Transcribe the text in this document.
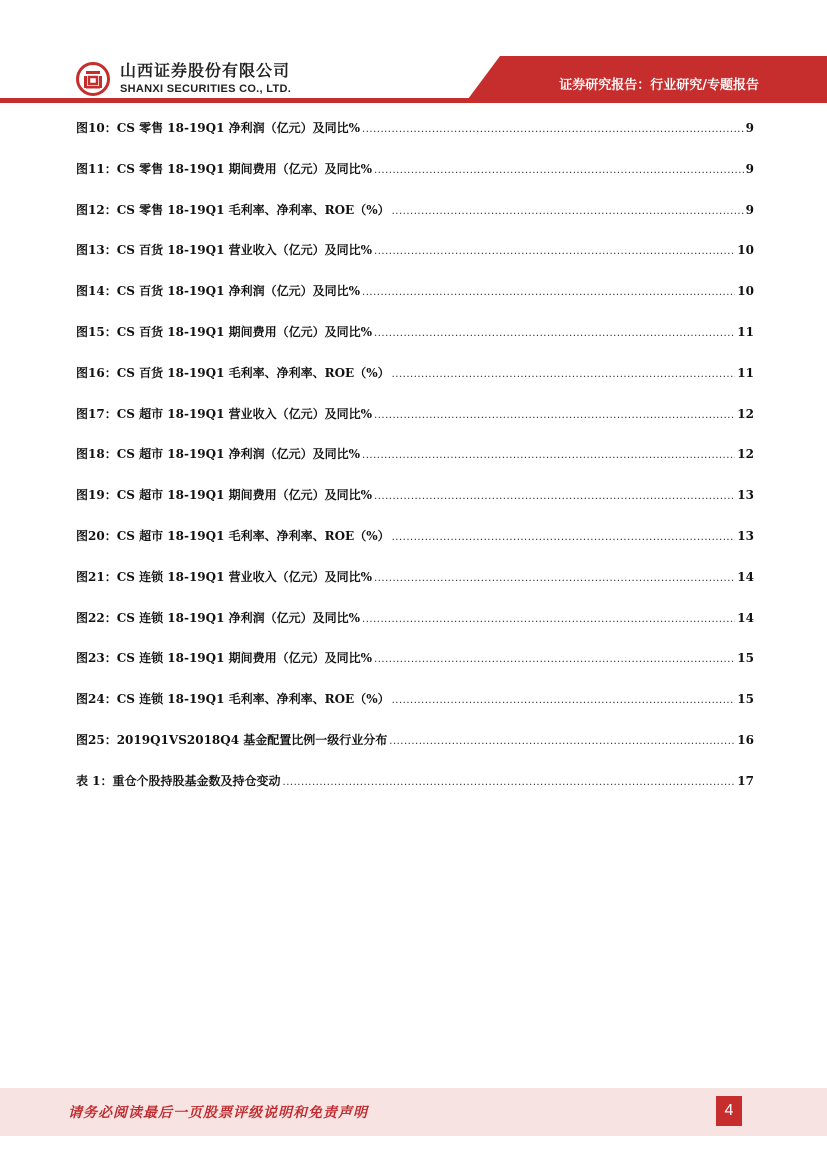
山西证券股份有限公司
SHANXI SECURITIES CO., LTD.	证券研究报告：行业研究/专题报告
图10： CS 零售 18-19Q1 净利润（亿元）及同比% .....	9
图11： CS 零售 18-19Q1 期间费用（亿元）及同比% .....	9
图12： CS 零售 18-19Q1 毛利率、净利率、ROE（%） .....	9
图13： CS 百货 18-19Q1 营业收入（亿元）及同比% .....	10
图14： CS 百货 18-19Q1 净利润（亿元）及同比% .....	10
图15： CS 百货 18-19Q1 期间费用（亿元）及同比% .....	11
图16： CS 百货 18-19Q1 毛利率、净利率、ROE（%） .....	11
图17： CS 超市 18-19Q1 营业收入（亿元）及同比% .....	12
图18： CS 超市 18-19Q1 净利润（亿元）及同比% .....	12
图19： CS 超市 18-19Q1 期间费用（亿元）及同比% .....	13
图20： CS 超市 18-19Q1 毛利率、净利率、ROE（%） .....	13
图21： CS 连锁 18-19Q1 营业收入（亿元）及同比% .....	14
图22： CS 连锁 18-19Q1 净利润（亿元）及同比% .....	14
图23： CS 连锁 18-19Q1 期间费用（亿元）及同比% .....	15
图24： CS 连锁 18-19Q1 毛利率、净利率、ROE（%） .....	15
图25： 2019Q1VS2018Q4 基金配置比例一级行业分布 .....	16
表 1： 重仓个股持股基金数及持仓变动 .....	17
请务必阅读最后一页股票评级说明和免责声明	4
